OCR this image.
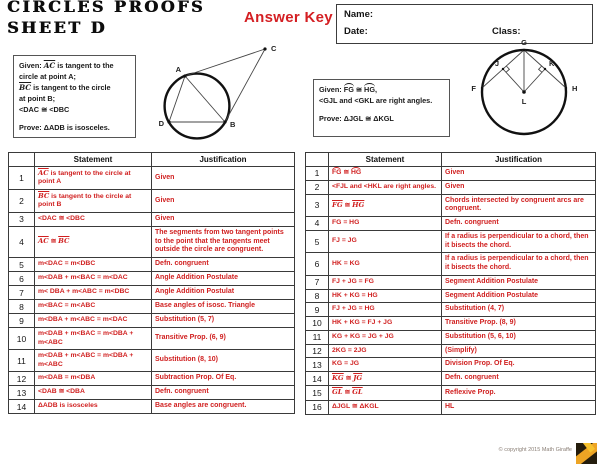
CIRCLES PROOFS
SHEET D
Answer Key Name:
Date:	Class:
Given: $\overline{AC}$ is tangent to the
circle at point A;
$\overline{BC}$ is tangent to the circle
at point B;
<DAC ≅ <DBC
Prove: ΔADB is isosceles.
Given: FG ≅ HG,
<GJL and <GKL are right angles.
Prove: ΔJGL ≅ ΔKGL
A
C
D	B
G
F	H
J	K
L
	Statement	Justification
1	$\overline{AC}$ is tangent to the circle at point A	Given
2	$\overline{BC}$ is tangent to the circle at point B	Given
3	<DAC ≅ <DBC	Given
4	$\overline{AC}$ ≅ $\overline{BC}$	The segments from two tangent points to the point that the tangents meet outside the circle are congruent.
5	m<DAC = m<DBC	Defn. congruent
6	m<DAB + m<BAC = m<DAC	Angle Addition Postulate
7	m< DBA + m<ABC = m<DBC	Angle Addition Postulat
8	m<BAC = m<ABC	Base angles of isosc. Triangle
9	m<DBA + m<ABC = m<DAC	Substitution (5, 7)
10	m<DAB + m<BAC = m<DBA + m<ABC	Transitive Prop. (6, 9)
11	m<DAB + m<ABC = m<DBA + m<ABC	Substitution (8, 10)
12	m<DAB = m<DBA	Subtraction Prop. Of Eq.
13	<DAB ≅ <DBA	Defn. congruent
14	ΔADB is isosceles	Base angles are congruent.
	Statement	Justification
1	FG ≅ HG	Given
2	<FJL and <HKL are right angles.	Given
3	$\overline{FG}$ ≅ $\overline{HG}$	Chords intersected by congruent arcs are congruent.
4	FG = HG	Defn. congruent
5	FJ = JG	If a radius is perpendicular to a chord, then it bisects the chord.
6	HK = KG	If a radius is perpendicular to a chord, then it bisects the chord.
7	FJ + JG = FG	Segment Addition Postulate
8	HK + KG = HG	Segment Addition Postulate
9	FJ + JG = HG	Substitution (4, 7)
10	HK + KG = FJ + JG	Transitive Prop. (8, 9)
11	KG + KG = JG + JG	Substitution (5, 6, 10)
12	2KG = 2JG	(Simplify)
13	KG = JG	Division Prop. Of Eq.
14	$\overline{KG}$ ≅ $\overline{JG}$	Defn. congruent
15	$\overline{GL}$ ≅ $\overline{GL}$	Reflexive Prop.
16	ΔJGL ≅ ΔKGL	HL
© copyright 2015 Math Giraffe
